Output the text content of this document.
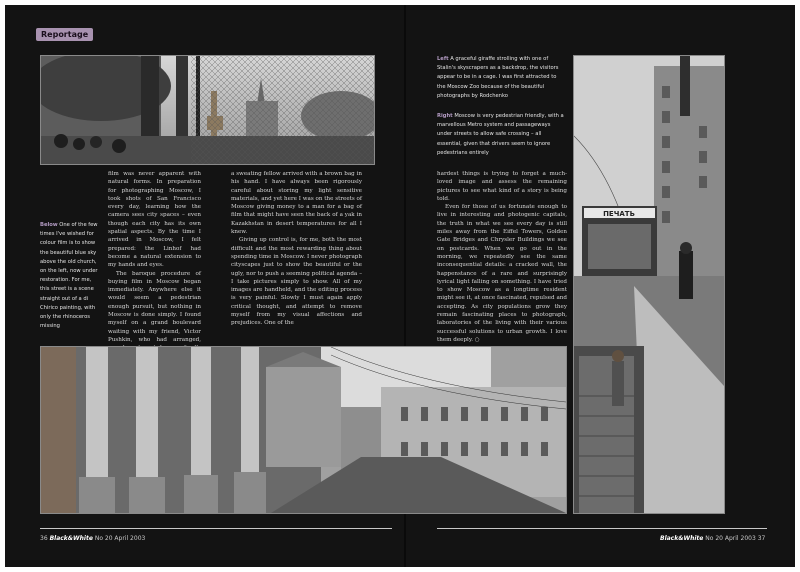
Reportage

Below One of the few times I've wished for colour film is to show the beautiful blue sky above the old church, on the left, now under restoration. For me, this street is a scene straight out of a di Chirico painting, with only the rhinoceros missing

film was never apparent with natural forms. In preparation for photographing Moscow, I took shots of San Francisco every day, learning how the camera sees city spaces – even though each city has its own spatial aspects. By the time I arrived in Moscow, I felt prepared: the Linhof had become a natural extension to my hands and eyes.

The baroque procedure of buying film in Moscow began immediately. Anywhere else it would seem a pedestrian enough pursuit, but nothing in Moscow is done simply. I found myself on a grand boulevard waiting with my friend, Victor Pushkin, who had arranged,

a sweating fellow arrived with a brown bag in his hand. I have always been rigorously careful about storing my light sensitive materials, and yet here I was on the streets of Moscow giving money to a man for a bag of film that might have seen the back of a yak in Kazakhstan in desert temperatures for all I knew.

Giving up control is, for me, both the most difficult and the most rewarding thing about spending time in Moscow. I never photograph cityscapes just to show the beautiful or the ugly, nor to push a seeming political agenda – I take pictures simply to show. All of my images are handheld, and the editing process is very painful. Slowly I must again apply critical thought, and attempt to remove myself from my visual affections and prejudices. One of the

hardest things is trying to forget a much-loved image and assess the remaining pictures to see what kind of a story is being told.

Even for those of us fortunate enough to live in interesting and photogenic capitals, the truth in what we see every day is still miles away from the Eiffel Towers, Golden Gate Bridges and Chrysler Buildings we see on postcards. When we go out in the morning, we repeatedly see the same inconsequential details: a cracked wall, the happenstance of a rare and surprisingly lyrical light falling on something. I have tried to show Moscow as a longtime resident might see it, at once fascinated, repulsed and accepting. As city populations grow they remain fascinating places to photograph, laboratories of the living with their various successful solutions to urban growth. I love them deeply. ○

Left A graceful giraffe strolling with one of Stalin's skyscrapers as a backdrop, the visitors appear to be in a cage. I was first attracted to the Moscow Zoo because of the beautiful photographs by Rodchenko

Right Moscow is very pedestrian friendly, with a marvellous Metro system and passageways under streets to allow safe crossing – all essential, given that drivers seem to ignore pedestrians entirely

ПЕЧАТЬ
36 Black&White No 20 April 2003	Black&White No 20 April 2003 37
